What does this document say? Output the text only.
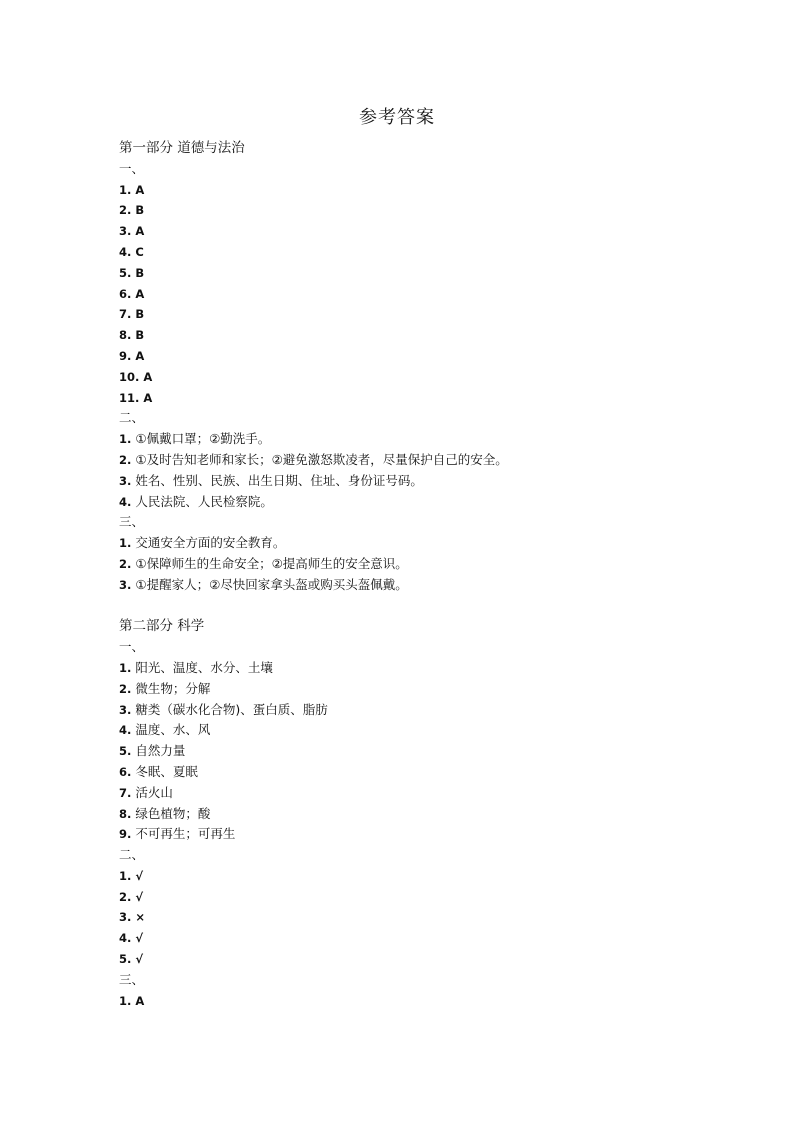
参考答案
第一部分 道德与法治
一、
1. A
2. B
3. A
4. C
5. B
6. A
7. B
8. B
9. A
10. A
11. A
二、
1. ①佩戴口罩；②勤洗手。
2. ①及时告知老师和家长；②避免激怒欺凌者，尽量保护自己的安全。
3. 姓名、性别、民族、出生日期、住址、身份证号码。
4. 人民法院、人民检察院。
三、
1. 交通安全方面的安全教育。
2. ①保障师生的生命安全；②提高师生的安全意识。
3. ①提醒家人；②尽快回家拿头盔或购买头盔佩戴。
第二部分 科学
一、
1. 阳光、温度、水分、土壤
2. 微生物；分解
3. 糖类（碳水化合物)、蛋白质、脂肪
4. 温度、水、风
5. 自然力量
6. 冬眠、夏眠
7. 活火山
8. 绿色植物；酸
9. 不可再生；可再生
二、
1. √
2. √
3. ×
4. √
5. √
三、
1. A
